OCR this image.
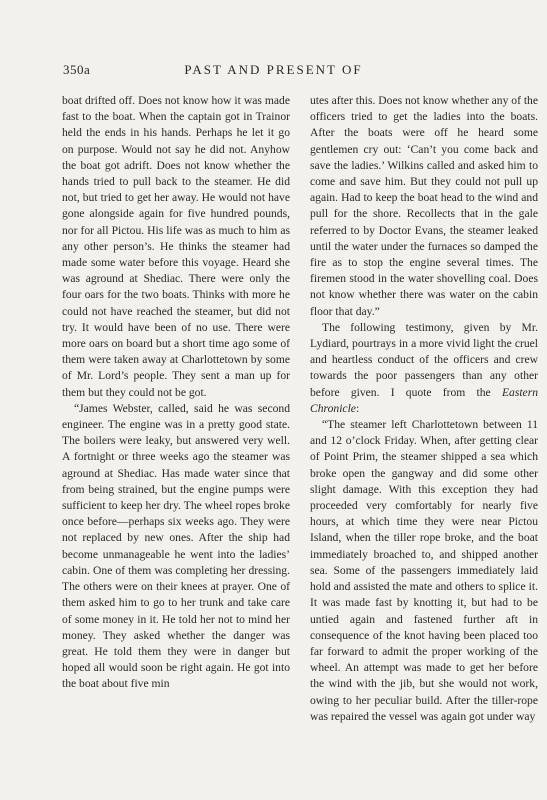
350a	PAST AND PRESENT OF

boat drifted off. Does not know how it was made fast to the boat. When the captain got in Trainor held the ends in his hands. Perhaps he let it go on purpose. Would not say he did not. Anyhow the boat got adrift. Does not know whether the hands tried to pull back to the steamer. He did not, but tried to get her away. He would not have gone alongside again for five hundred pounds, nor for all Pictou. His life was as much to him as any other person’s. He thinks the steamer had made some water before this voyage. Heard she was aground at Shediac. There were only the four oars for the two boats. Thinks with more he could not have reached the steamer, but did not try. It would have been of no use. There were more oars on board but a short time ago some of them were taken away at Charlottetown by some of Mr. Lord’s people. They sent a man up for them but they could not be got.

“James Webster, called, said he was second engineer. The engine was in a pretty good state. The boilers were leaky, but answered very well. A fortnight or three weeks ago the steamer was aground at Shediac. Has made water since that from being strained, but the engine pumps were sufficient to keep her dry. The wheel ropes broke once before—perhaps six weeks ago. They were not replaced by new ones. After the ship had become unmanageable he went into the ladies’ cabin. One of them was completing her dressing. The others were on their knees at prayer. One of them asked him to go to her trunk and take care of some money in it. He told her not to mind her money. They asked whether the danger was great. He told them they were in danger but hoped all would soon be right again. He got into the boat about five min

utes after this. Does not know whether any of the officers tried to get the ladies into the boats. After the boats were off he heard some gentlemen cry out: ‘Can’t you come back and save the ladies.’ Wilkins called and asked him to come and save him. But they could not pull up again. Had to keep the boat head to the wind and pull for the shore. Recollects that in the gale referred to by Doctor Evans, the steamer leaked until the water under the furnaces so damped the fire as to stop the engine several times. The firemen stood in the water shovelling coal. Does not know whether there was water on the cabin floor that day.”

The following testimony, given by Mr. Lydiard, pourtrays in a more vivid light the cruel and heartless conduct of the officers and crew towards the poor passengers than any other before given. I quote from the Eastern Chronicle:

“The steamer left Charlottetown between 11 and 12 o’clock Friday. When, after getting clear of Point Prim, the steamer shipped a sea which broke open the gangway and did some other slight damage. With this exception they had proceeded very comfortably for nearly five hours, at which time they were near Pictou Island, when the tiller rope broke, and the boat immediately broached to, and shipped another sea. Some of the passengers immediately laid hold and assisted the mate and others to splice it. It was made fast by knotting it, but had to be untied again and fastened further aft in consequence of the knot having been placed too far forward to admit the proper working of the wheel. An attempt was made to get her before the wind with the jib, but she would not work, owing to her peculiar build. After the tiller-rope was repaired the vessel was again got under way
